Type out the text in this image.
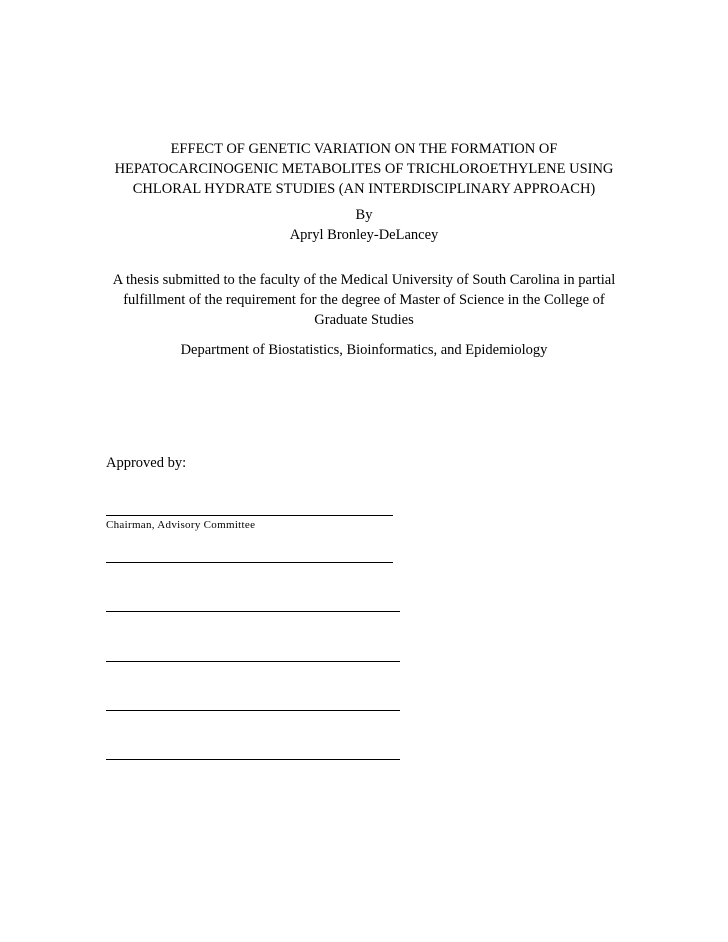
EFFECT OF GENETIC VARIATION ON THE FORMATION OF
HEPATOCARCINOGENIC METABOLITES OF TRICHLOROETHYLENE USING
CHLORAL HYDRATE STUDIES (AN INTERDISCIPLINARY APPROACH)
By
Apryl Bronley-DeLancey
A thesis submitted to the faculty of the Medical University of South Carolina in partial
fulfillment of the requirement for the degree of Master of Science in the College of
Graduate Studies
Department of Biostatistics, Bioinformatics, and Epidemiology
Approved by:
Chairman, Advisory Committee
